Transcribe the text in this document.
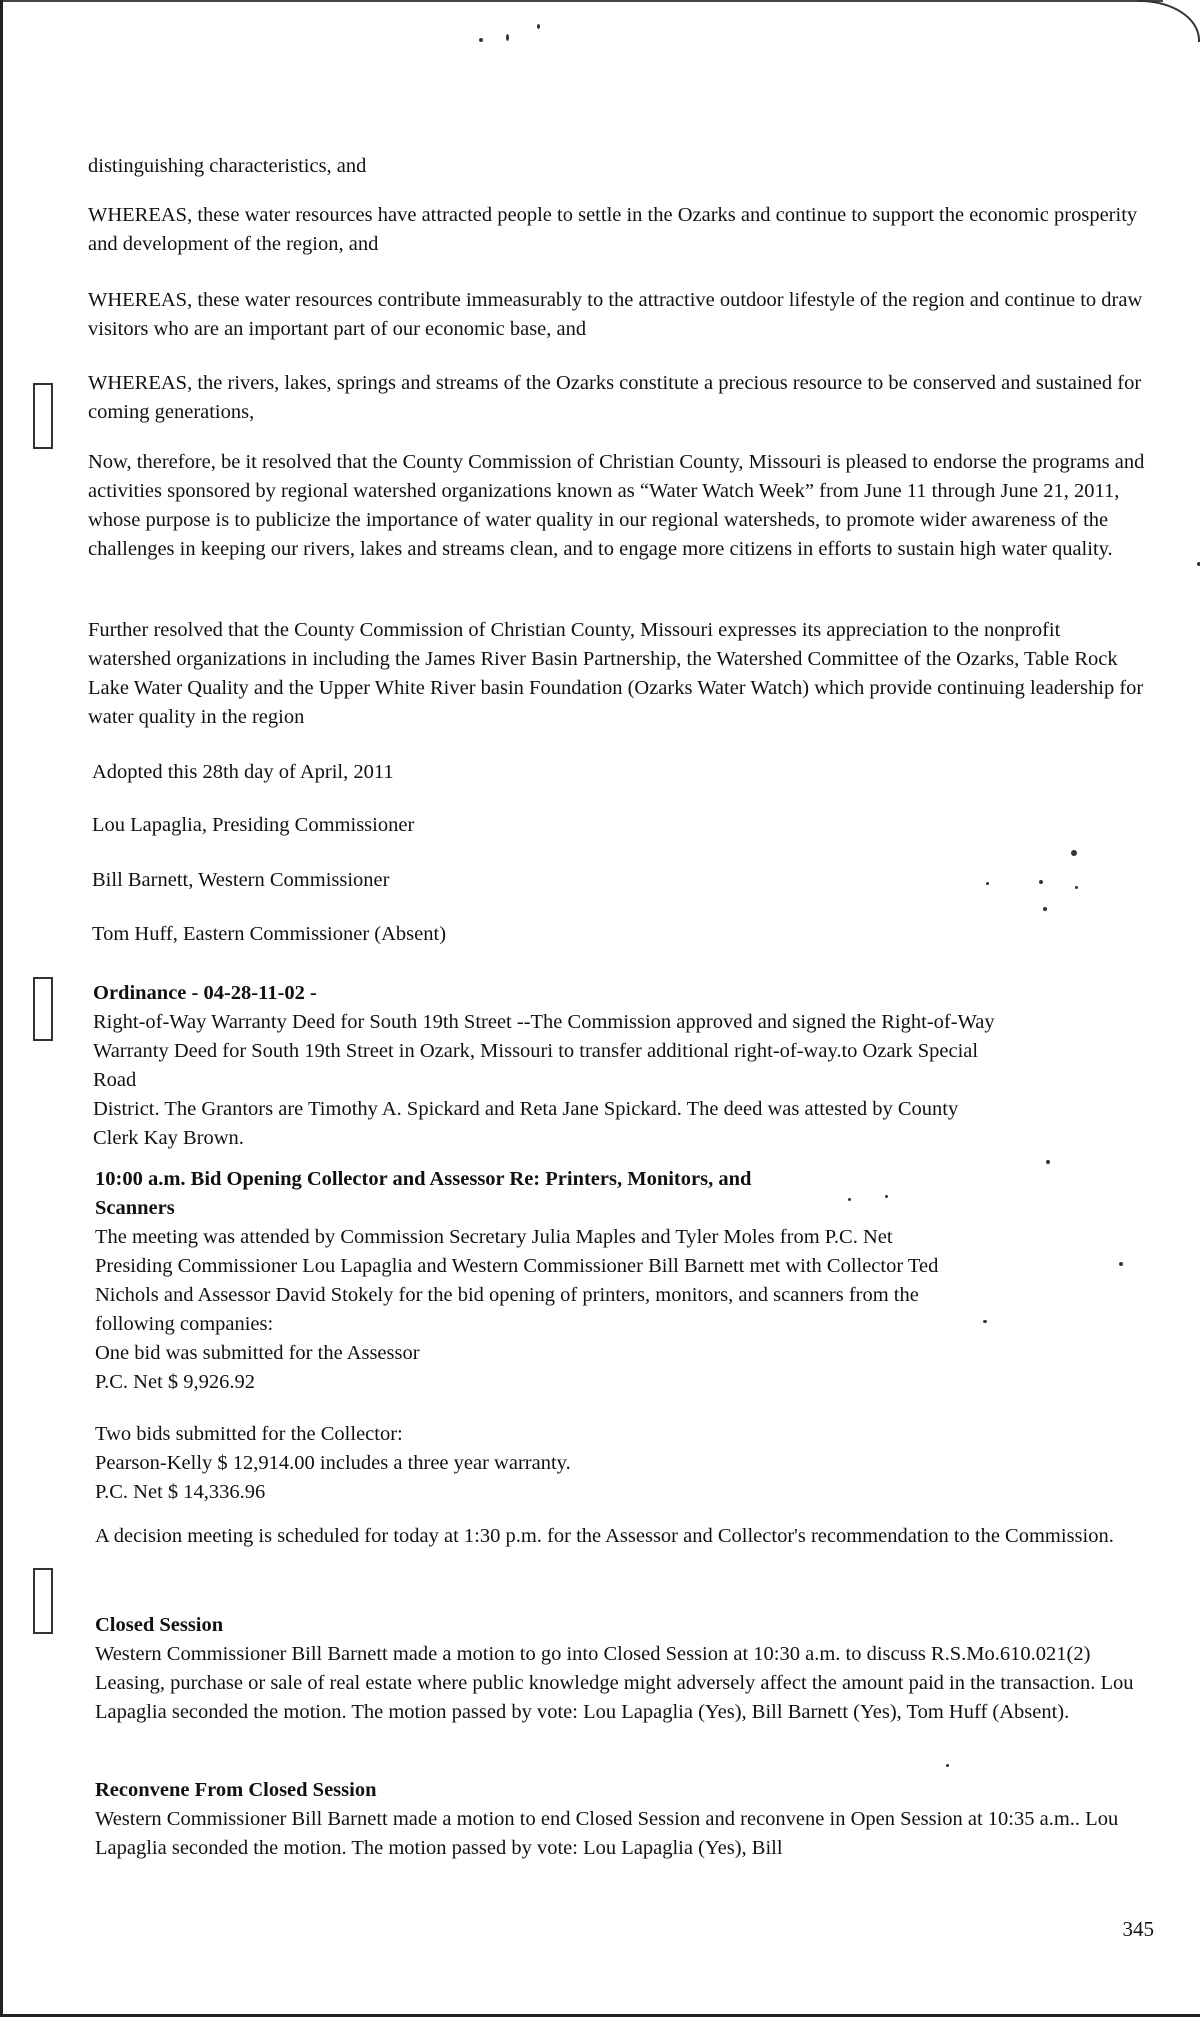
distinguishing characteristics, and

WHEREAS, these water resources have attracted people to settle in the Ozarks and continue to support the economic prosperity and development of the region, and

WHEREAS, these water resources contribute immeasurably to the attractive outdoor lifestyle of the region and continue to draw visitors who are an important part of our economic base, and

WHEREAS, the rivers, lakes, springs and streams of the Ozarks constitute a precious resource to be conserved and sustained for coming generations,

Now, therefore, be it resolved that the County Commission of Christian County, Missouri is pleased to endorse the programs and activities sponsored by regional watershed organizations known as “Water Watch Week” from June 11 through June 21, 2011, whose purpose is to publicize the importance of water quality in our regional watersheds, to promote wider awareness of the challenges in keeping our rivers, lakes and streams clean, and to engage more citizens in efforts to sustain high water quality.

Further resolved that the County Commission of Christian County, Missouri expresses its appreciation to the nonprofit watershed organizations in including the James River Basin Partnership, the Watershed Committee of the Ozarks, Table Rock Lake Water Quality and the Upper White River basin Foundation (Ozarks Water Watch) which provide continuing leadership for water quality in the region

Adopted this 28th day of April, 2011

Lou Lapaglia, Presiding Commissioner

Bill Barnett, Western Commissioner

Tom Huff, Eastern Commissioner (Absent)

Ordinance - 04-28-11-02 -

Right-of-Way Warranty Deed for South 19th Street --The Commission approved and signed the Right-of-Way

Warranty Deed for South 19th Street in Ozark, Missouri to transfer additional right-of-way.to Ozark Special

Road

District. The Grantors are Timothy A. Spickard and Reta Jane Spickard. The deed was attested by County

Clerk Kay Brown.

10:00 a.m. Bid Opening Collector and Assessor Re: Printers, Monitors, and

Scanners

The meeting was attended by Commission Secretary Julia Maples and Tyler Moles from P.C. Net

Presiding Commissioner Lou Lapaglia and Western Commissioner Bill Barnett met with Collector Ted

Nichols and Assessor David Stokely for the bid opening of printers, monitors, and scanners from the

following companies:

One bid was submitted for the Assessor

P.C. Net $ 9,926.92

Two bids submitted for the Collector:

Pearson-Kelly $ 12,914.00 includes a three year warranty.

P.C. Net $ 14,336.96

A decision meeting is scheduled for today at 1:30 p.m. for the Assessor and Collector's recommendation to the Commission.

Closed Session

Western Commissioner Bill Barnett made a motion to go into Closed Session at 10:30 a.m. to discuss R.S.Mo.610.021(2) Leasing, purchase or sale of real estate where public knowledge might adversely affect the amount paid in the transaction. Lou Lapaglia seconded the motion. The motion passed by vote: Lou Lapaglia (Yes), Bill Barnett (Yes), Tom Huff (Absent).

Reconvene From Closed Session

Western Commissioner Bill Barnett made a motion to end Closed Session and reconvene in Open Session at 10:35 a.m.. Lou Lapaglia seconded the motion. The motion passed by vote: Lou Lapaglia (Yes), Bill

345
